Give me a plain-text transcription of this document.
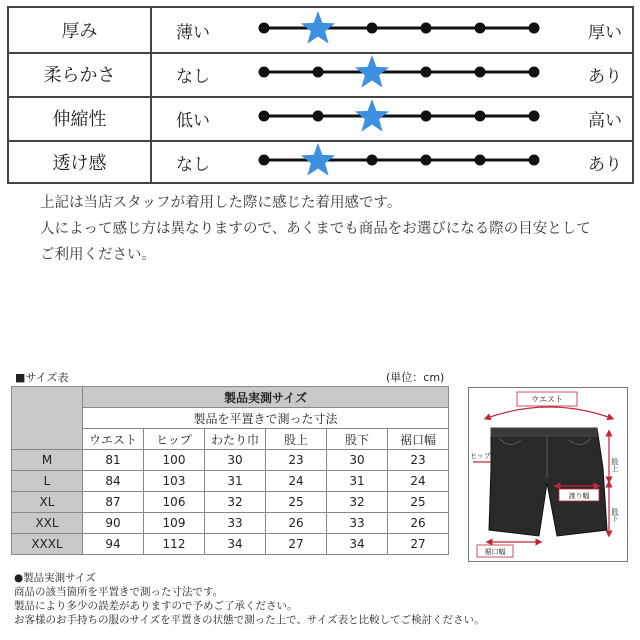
厚み	薄い	厚い
柔らかさ	なし	あり
伸縮性	低い	高い
透け感	なし	あり
上記は当店スタッフが着用した際に感じた着用感です。
人によって感じ方は異なりますので、あくまでも商品をお選びになる際の目安として
ご利用ください。
■サイズ表	(単位：cm)
	製品実測サイズ					
	製品を平置きで測った寸法					
	ウエスト	ヒップ	わたり巾	股上	股下	裾口幅
M	81	100	30	23	30	23
L	84	103	31	24	31	24
XL	87	106	32	25	32	25
XXL	90	109	33	26	33	26
XXXL	94	112	34	27	34	27
●製品実測サイズ
商品の該当箇所を平置きで測った寸法です。
製品により多少の誤差がありますので予めご了承ください。
お客様のお手持ちの服のサイズを平置きの状態で測った上で、サイズ表と比較してご検討ください。
ウエスト
ヒップ
渡り幅
股上
股下
裾口幅
